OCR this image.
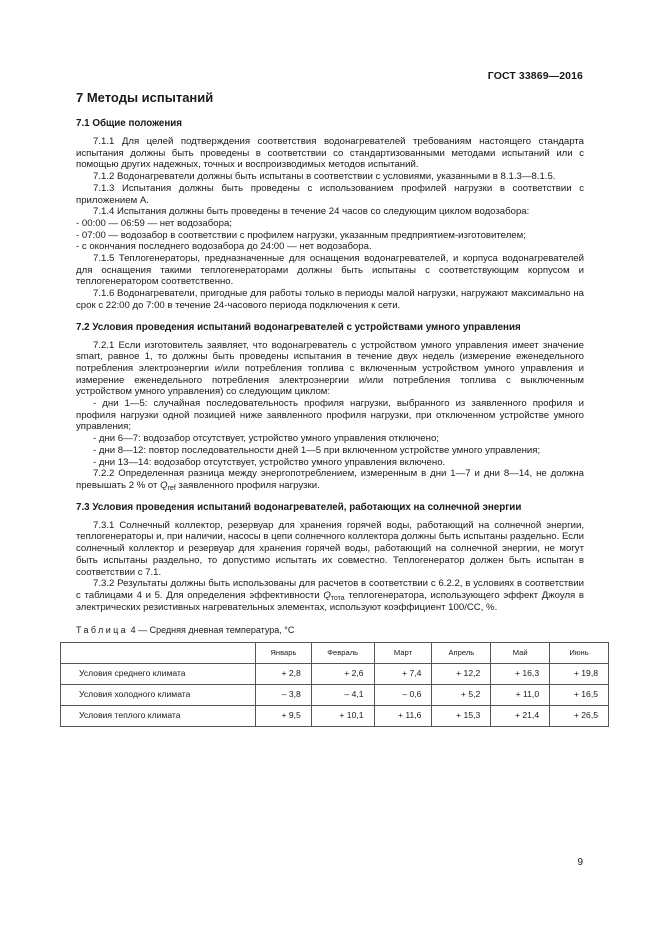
ГОСТ 33869—2016
7 Методы испытаний
7.1 Общие положения

7.1.1 Для целей подтверждения соответствия водонагревателей требованиям настоящего стандарта испытания должны быть проведены в соответствии со стандартизованными методами испытаний или с помощью других надежных, точных и воспроизводимых методов испытаний.

7.1.2 Водонагреватели должны быть испытаны в соответствии с условиями, указанными в 8.1.3—8.1.5.

7.1.3 Испытания должны быть проведены с использованием профилей нагрузки в соответствии с приложением А.

7.1.4 Испытания должны быть проведены в течение 24 часов со следующим циклом водозабора:

- 00:00 — 06:59 — нет водозабора;

- 07:00 — водозабор в соответствии с профилем нагрузки, указанным предприятием-изготовителем;

- с окончания последнего водозабора до 24:00 — нет водозабора.

7.1.5 Теплогенераторы, предназначенные для оснащения водонагревателей, и корпуса водонагревателей для оснащения такими теплогенераторами должны быть испытаны с соответствующим корпусом и теплогенератором соответственно.

7.1.6 Водонагреватели, пригодные для работы только в периоды малой нагрузки, нагружают максимально на срок с 22:00 до 7:00 в течение 24-часового периода подключения к сети.

7.2 Условия проведения испытаний водонагревателей с устройствами умного управления

7.2.1 Если изготовитель заявляет, что водонагреватель с устройством умного управления имеет значение smart, равное 1, то должны быть проведены испытания в течение двух недель (измерение еженедельного потребления электроэнергии и/или потребления топлива с включенным устройством умного управления и измерение еженедельного потребления электроэнергии и/или потребления топлива с выключенным устройством умного управления) со следующим циклом:

- дни 1—5: случайная последовательность профиля нагрузки, выбранного из заявленного профиля и профиля нагрузки одной позицией ниже заявленного профиля нагрузки, при отключенном устройстве умного управления;

- дни 6—7: водозабор отсутствует, устройство умного управления отключено;

- дни 8—12: повтор последовательности дней 1—5 при включенном устройстве умного управления;

- дни 13—14: водозабор отсутствует, устройство умного управления включено.

7.2.2 Определенная разница между энергопотреблением, измеренным в дни 1—7 и дни 8—14, не должна превышать 2 % от $Q_{ref}$ заявленного профиля нагрузки.

7.3 Условия проведения испытаний водонагревателей, работающих на солнечной энергии

7.3.1 Солнечный коллектор, резервуар для хранения горячей воды, работающий на солнечной энергии, теплогенераторы и, при наличии, насосы в цепи солнечного коллектора должны быть испытаны раздельно. Если солнечный коллектор и резервуар для хранения горячей воды, работающий на солнечной энергии, не могут быть испытаны раздельно, то допустимо испытать их совместно. Теплогенератор должен быть испытан в соответствии с 7.1.

7.3.2 Результаты должны быть использованы для расчетов в соответствии с 6.2.2, в условиях в соответствии с таблицами 4 и 5. Для определения эффективности $Q_{тота}$ теплогенератора, использующего эффект Джоуля в электрических резистивных нагревательных элементах, используют коэффициент 100/СС, %.

Таблица 4 — Средняя дневная температура, °С
	Январь	Февраль	Март	Апрель	Май	Июнь
Условия среднего климата	+ 2,8	+ 2,6	+ 7,4	+ 12,2	+ 16,3	+ 19,8
Условия холодного климата	– 3,8	– 4,1	– 0,6	+ 5,2	+ 11,0	+ 16,5
Условия теплого климата	+ 9,5	+ 10,1	+ 11,6	+ 15,3	+ 21,4	+ 26,5
9
